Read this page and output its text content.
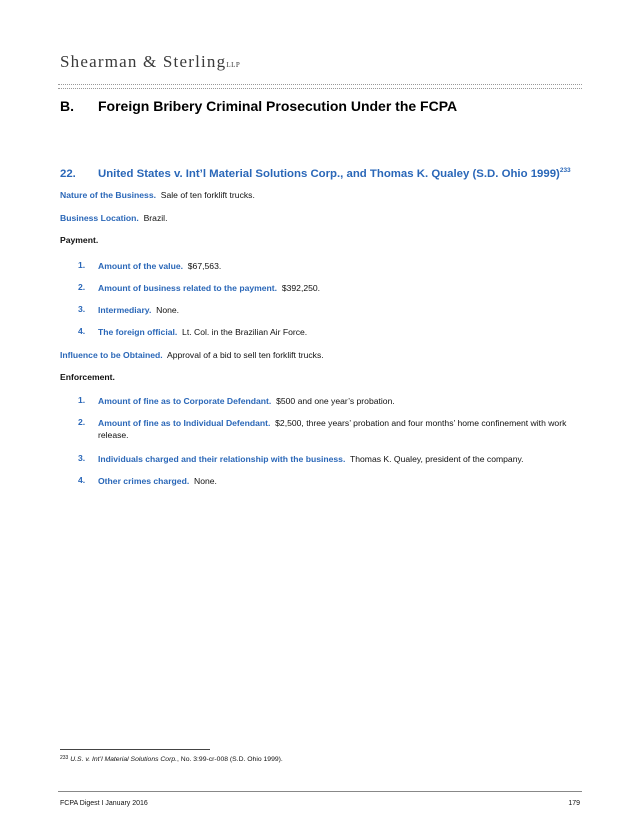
Shearman & SterlingLLP
B. Foreign Bribery Criminal Prosecution Under the FCPA
22. United States v. Int’l Material Solutions Corp., and Thomas K. Qualey (S.D. Ohio 1999)$^{233}$
Nature of the Business. Sale of ten forklift trucks.
Business Location. Brazil.
Payment.
1.	Amount of the value. $67,563.
2.	Amount of business related to the payment. $392,250.
3.	Intermediary. None.
4.	The foreign official. Lt. Col. in the Brazilian Air Force.
Influence to be Obtained. Approval of a bid to sell ten forklift trucks.
Enforcement.
1.	Amount of fine as to Corporate Defendant. $500 and one year’s probation.
2.	Amount of fine as to Individual Defendant. $2,500, three years’ probation and four months’ home confinement with work release.
3.	Individuals charged and their relationship with the business. Thomas K. Qualey, president of the company.
4.	Other crimes charged. None.
$^{233}$ U.S. v. Int’l Material Solutions Corp., No. 3:99-cr-008 (S.D. Ohio 1999).
FCPA Digest I January 2016	179
